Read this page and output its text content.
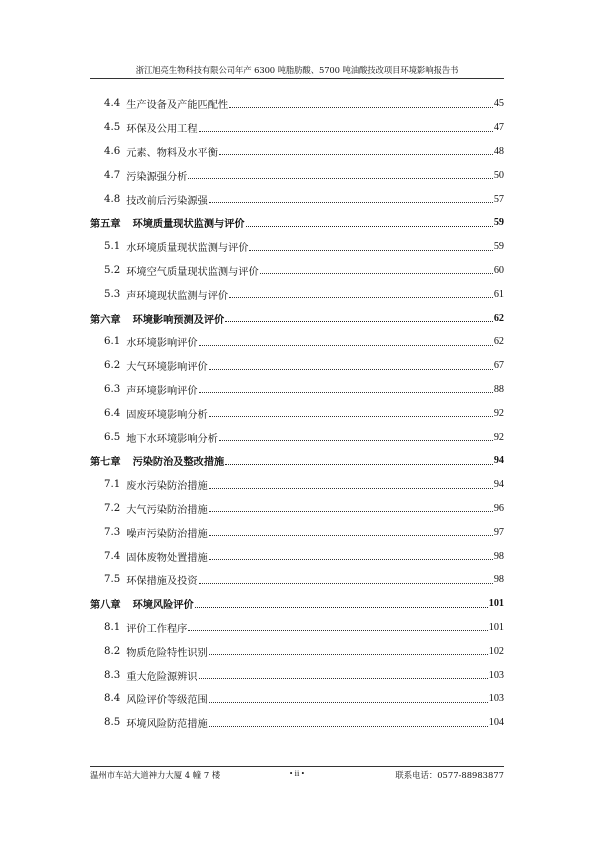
浙江旭亮生物科技有限公司年产 6300 吨脂肪酸、5700 吨油酸技改项目环境影响报告书
4.4 生产设备及产能匹配性	45
4.5 环保及公用工程	47
4.6 元素、物料及水平衡	48
4.7 污染源强分析	50
4.8 技改前后污染源强	57
第五章 环境质量现状监测与评价	59
5.1 水环境质量现状监测与评价	59
5.2 环境空气质量现状监测与评价	60
5.3 声环境现状监测与评价	61
第六章 环境影响预测及评价	62
6.1 水环境影响评价	62
6.2 大气环境影响评价	67
6.3 声环境影响评价	88
6.4 固废环境影响分析	92
6.5 地下水环境影响分析	92
第七章 污染防治及整改措施	94
7.1 废水污染防治措施	94
7.2 大气污染防治措施	96
7.3 噪声污染防治措施	97
7.4 固体废物处置措施	98
7.5 环保措施及投资	98
第八章 环境风险评价	101
8.1 评价工作程序	101
8.2 物质危险特性识别	102
8.3 重大危险源辨识	103
8.4 风险评价等级范围	103
8.5 环境风险防范措施	104
温州市车站大道神力大厦 4 幢 7 楼	• ii •	联系电话：0577-88983877
